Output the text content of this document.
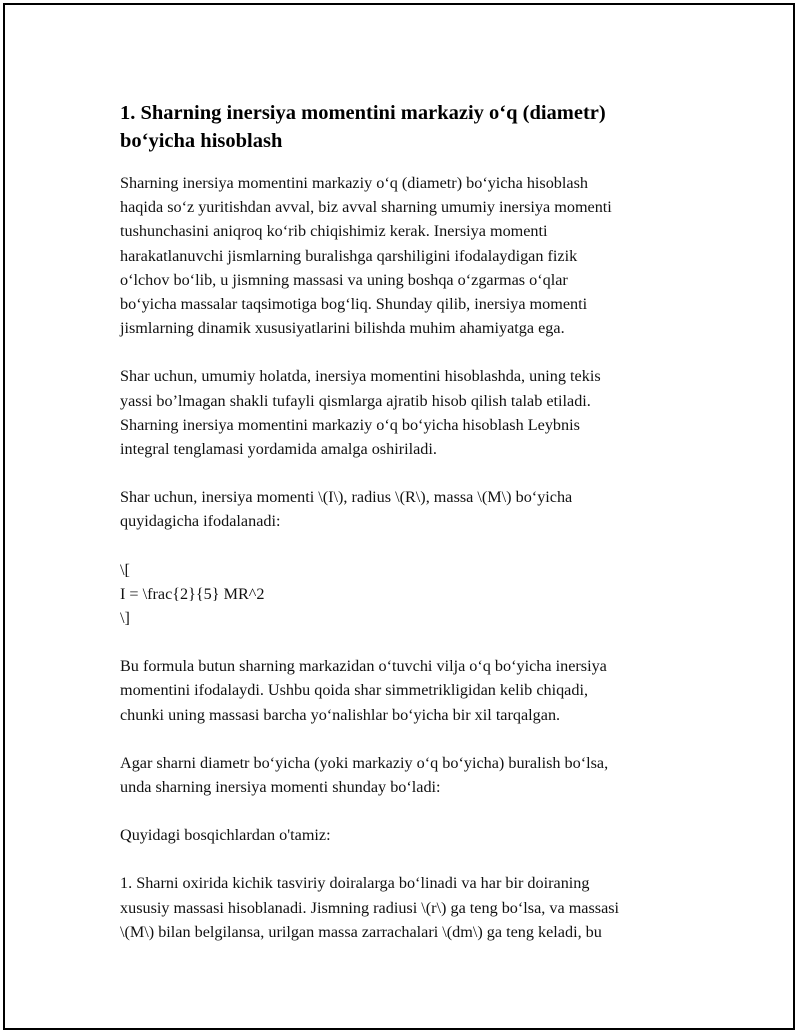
1. Sharning inersiya momentini markaziy o‘q (diametr)
bo‘yicha hisoblash

Sharning inersiya momentini markaziy o‘q (diametr) bo‘yicha hisoblash
haqida so‘z yuritishdan avval, biz avval sharning umumiy inersiya momenti
tushunchasini aniqroq ko‘rib chiqishimiz kerak. Inersiya momenti
harakatlanuvchi jismlarning buralishga qarshiligini ifodalaydigan fizik
o‘lchov bo‘lib, u jismning massasi va uning boshqa o‘zgarmas o‘qlar
bo‘yicha massalar taqsimotiga bog‘liq. Shunday qilib, inersiya momenti
jismlarning dinamik xususiyatlarini bilishda muhim ahamiyatga ega.

Shar uchun, umumiy holatda, inersiya momentini hisoblashda, uning tekis
yassi bo’lmagan shakli tufayli qismlarga ajratib hisob qilish talab etiladi.
Sharning inersiya momentini markaziy o‘q bo‘yicha hisoblash Leybnis
integral tenglamasi yordamida amalga oshiriladi.

Shar uchun, inersiya momenti \(I\), radius \(R\), massa \(M\) bo‘yicha
quyidagicha ifodalanadi:

\[
I = \frac{2}{5} MR^2
\]

Bu formula butun sharning markazidan o‘tuvchi vilja o‘q bo‘yicha inersiya
momentini ifodalaydi. Ushbu qoida shar simmetrikligidan kelib chiqadi,
chunki uning massasi barcha yo‘nalishlar bo‘yicha bir xil tarqalgan.

Agar sharni diametr bo‘yicha (yoki markaziy o‘q bo‘yicha) buralish bo‘lsa,
unda sharning inersiya momenti shunday bo‘ladi:

Quyidagi bosqichlardan o'tamiz:

1. Sharni oxirida kichik tasviriy doiralarga bo‘linadi va har bir doiraning
xususiy massasi hisoblanadi. Jismning radiusi \(r\) ga teng bo‘lsa, va massasi
\(M\) bilan belgilansa, urilgan massa zarrachalari \(dm\) ga teng keladi, bu
